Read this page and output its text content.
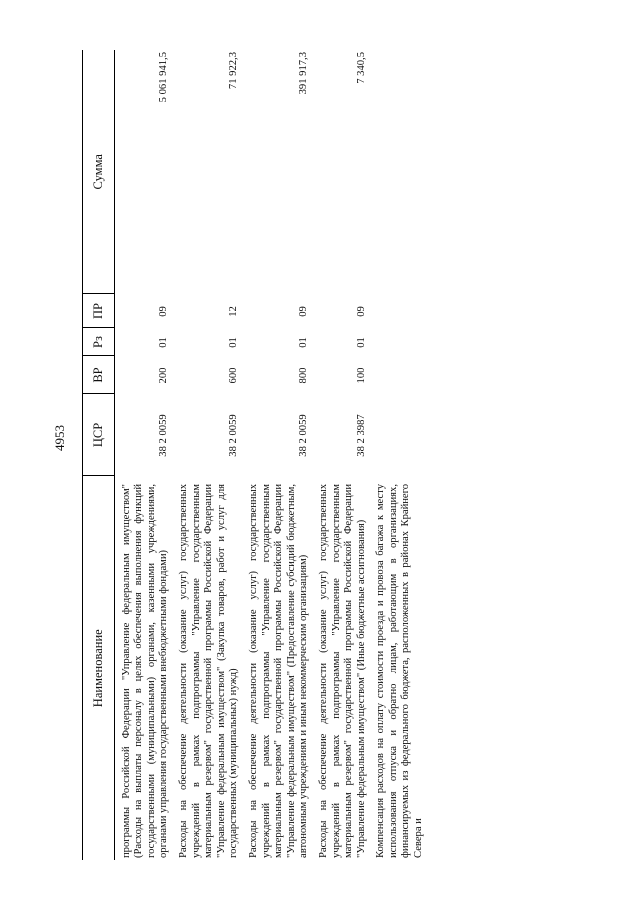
4953
Наименование	ЦСР	ВР	Рз	ПР	Сумма
программы Российской Федерации "Управление федеральным имуществом" (Расходы на выплаты персоналу в целях обеспечения выполнения функций государственными (муниципальными) органами, казенными учреждениями, органами управления государственными внебюджетными фондами)	38 2 0059	200	01	09	5 061 941,5
Расходы на обеспечение деятельности (оказание услуг) государственных учреждений в рамках подпрограммы "Управление государственным материальным резервом" государственной программы Российской Федерации "Управление федеральным имуществом" (Закупка товаров, работ и услуг для государственных (муниципальных) нужд)	38 2 0059	600	01	12	71 922,3
Расходы на обеспечение деятельности (оказание услуг) государственных учреждений в рамках подпрограммы "Управление государственным материальным резервом" государственной программы Российской Федерации "Управление федеральным имуществом" (Предоставление субсидий бюджетным, автономным учреждениям и иным некоммерческим организациям)	38 2 0059	800	01	09	391 917,3
Расходы на обеспечение деятельности (оказание услуг) государственных учреждений в рамках подпрограммы "Управление государственным материальным резервом" государственной программы Российской Федерации "Управление федеральным имуществом" (Иные бюджетные ассигнования)	38 2 3987	100	01	09	7 340,5
Компенсация расходов на оплату стоимости проезда и провоза багажа к месту использования отпуска и обратно лицам, работающим в организациях, финансируемых из федерального бюджета, расположенных в районах Крайнего Севера и					
